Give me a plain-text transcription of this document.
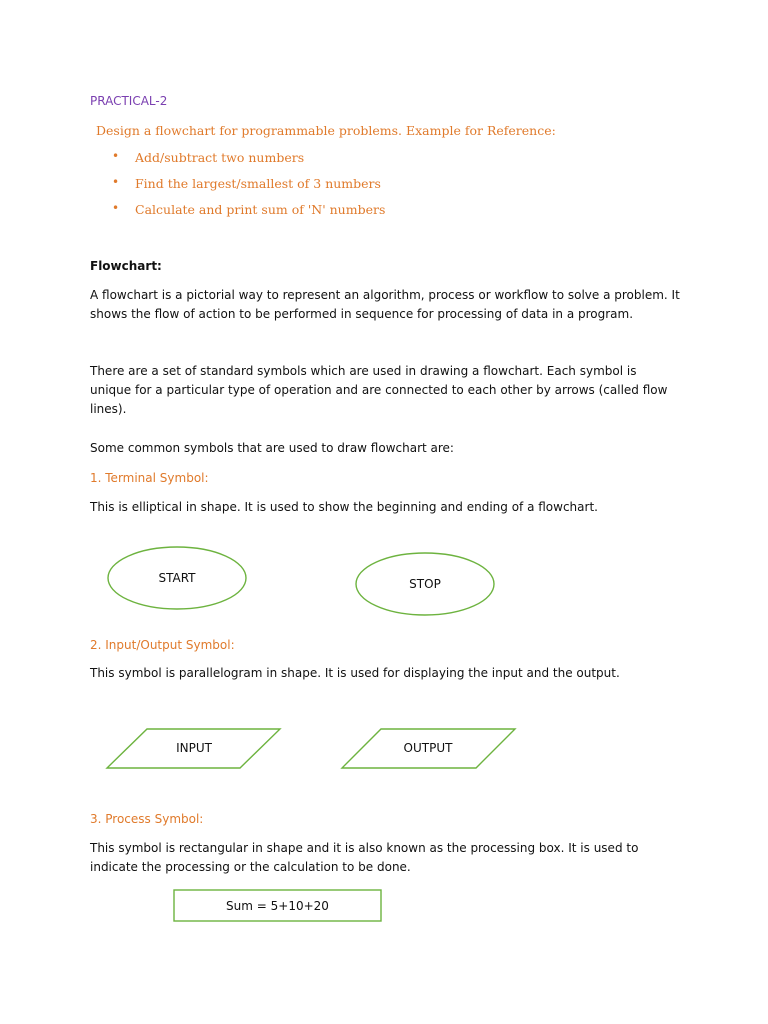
PRACTICAL-2
Design a flowchart for programmable problems. Example for Reference:
• Add/subtract two numbers
• Find the largest/smallest of 3 numbers
• Calculate and print sum of 'N' numbers
Flowchart:
A flowchart is a pictorial way to represent an algorithm, process or workflow to solve a problem. It shows the flow of action to be performed in sequence for processing of data in a program.
There are a set of standard symbols which are used in drawing a flowchart. Each symbol is unique for a particular type of operation and are connected to each other by arrows (called flow lines).
Some common symbols that are used to draw flowchart are:
1. Terminal Symbol:
This is elliptical in shape. It is used to show the beginning and ending of a flowchart.
2. Input/Output Symbol:
This symbol is parallelogram in shape. It is used for displaying the input and the output.
3. Process Symbol:
This symbol is rectangular in shape and it is also known as the processing box. It is used to indicate the processing or the calculation to be done.
START	STOP
INPUT	OUTPUT
Sum = 5+10+20
